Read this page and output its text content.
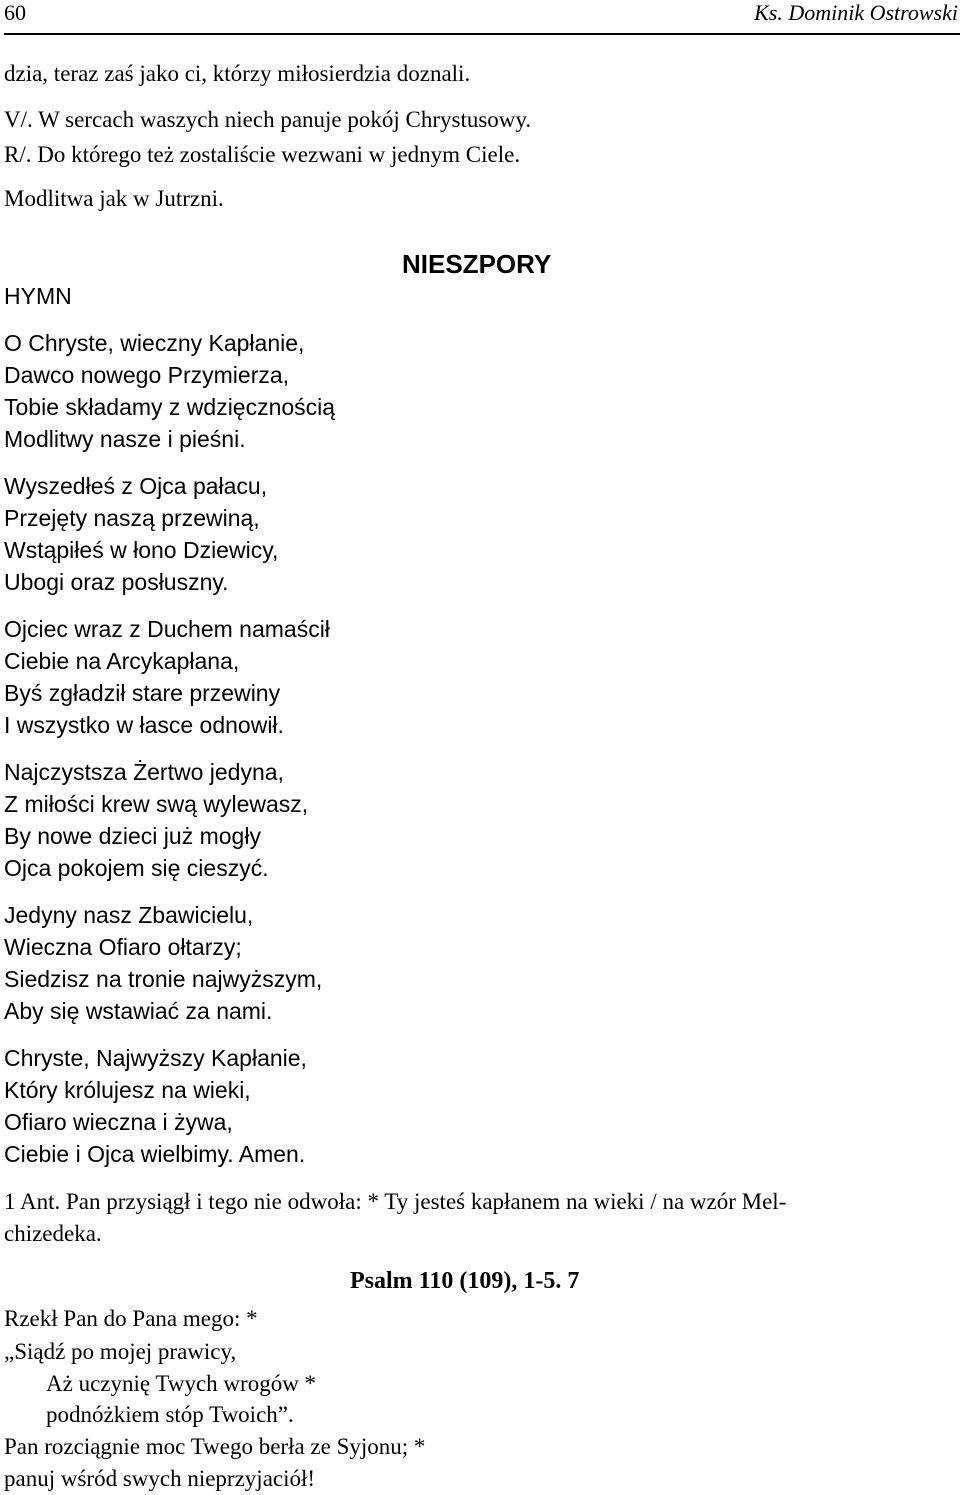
60	Ks. Dominik Ostrowski
dzia, teraz zaś jako ci, którzy miłosierdzia doznali.
V/. W sercach waszych niech panuje pokój Chrystusowy.
R/. Do którego też zostaliście wezwani w jednym Ciele.
Modlitwa jak w Jutrzni.
NIESZPORY
HYMN
O Chryste, wieczny Kapłanie,
Dawco nowego Przymierza,
Tobie składamy z wdzięcznością
Modlitwy nasze i pieśni.
Wyszedłeś z Ojca pałacu,
Przejęty naszą przewiną,
Wstąpiłeś w łono Dziewicy,
Ubogi oraz posłuszny.
Ojciec wraz z Duchem namaścił
Ciebie na Arcykapłana,
Byś zgładził stare przewiny
I wszystko w łasce odnowił.
Najczystsza Żertwo jedyna,
Z miłości krew swą wylewasz,
By nowe dzieci już mogły
Ojca pokojem się cieszyć.
Jedyny nasz Zbawicielu,
Wieczna Ofiaro ołtarzy;
Siedzisz na tronie najwyższym,
Aby się wstawiać za nami.
Chryste, Najwyższy Kapłanie,
Który królujesz na wieki,
Ofiaro wieczna i żywa,
Ciebie i Ojca wielbimy. Amen.
1 Ant. Pan przysiągł i tego nie odwoła: * Ty jesteś kapłanem na wieki / na wzór Mel-
chizedeka.
Psalm 110 (109), 1-5. 7
Rzekł Pan do Pana mego: *
„Siądź po mojej prawicy,
Aż uczynię Twych wrogów *
podnóżkiem stóp Twoich”.
Pan rozciągnie moc Twego berła ze Syjonu; *
panuj wśród swych nieprzyjaciół!
